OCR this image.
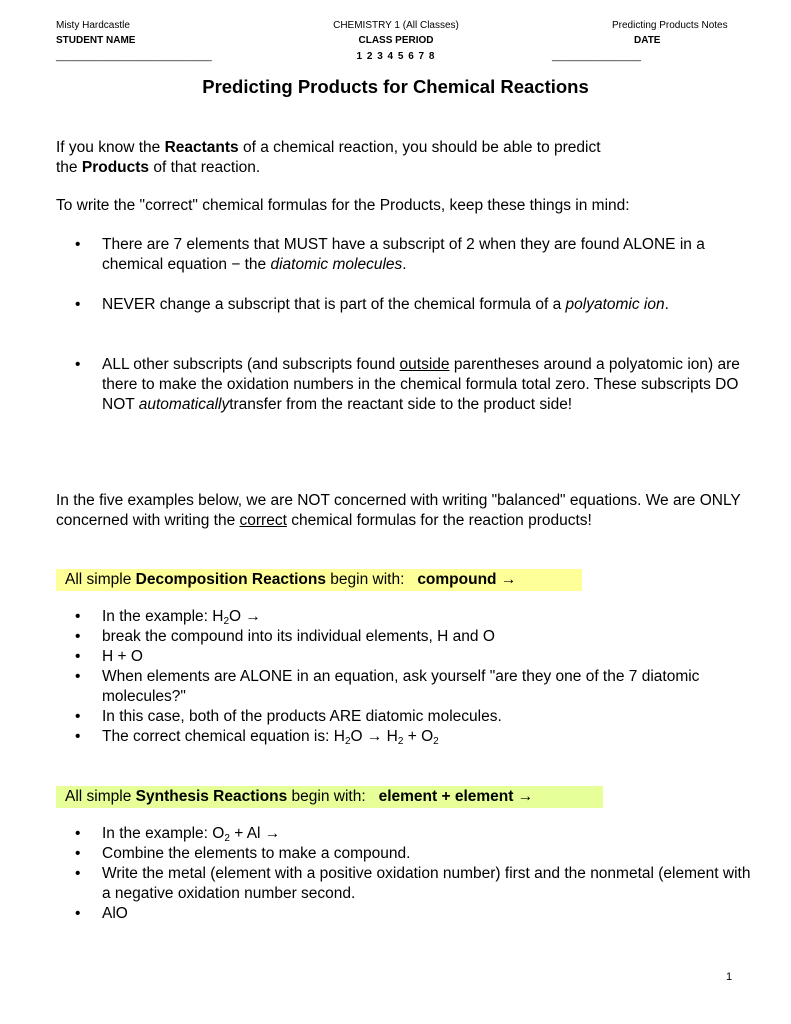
Misty Hardcastle	CHEMISTRY 1 (All Classes)	Predicting Products Notes
STUDENT NAME	CLASS PERIOD	DATE
____________________________	1 2 3 4 5 6 7 8	________________
Predicting Products for Chemical Reactions
If you know the Reactants of a chemical reaction, you should be able to predict
the Products of that reaction.
To write the "correct" chemical formulas for the Products, keep these things in mind:
•	There are 7 elements that MUST have a subscript of 2 when they are found ALONE in a chemical equation − the diatomic molecules.
•	NEVER change a subscript that is part of the chemical formula of a polyatomic ion.
•	ALL other subscripts (and subscripts found outside parentheses around a polyatomic ion) are there to make the oxidation numbers in the chemical formula total zero. These subscripts DO NOT automaticallytransfer from the reactant side to the product side!
In the five examples below, we are NOT concerned with writing "balanced" equations. We are ONLY concerned with writing the correct chemical formulas for the reaction products!
All simple Decomposition Reactions begin with:   compound →
•	In the example: $H_2O$ →
•	break the compound into its individual elements, H and O
•	H + O
•	When elements are ALONE in an equation, ask yourself "are they one of the 7 diatomic molecules?"
•	In this case, both of the products ARE diatomic molecules.
•	The correct chemical equation is: $H_2O \to H_2 + O_2$
All simple Synthesis Reactions begin with:   element + element →
•	In the example: $O_2 + Al$ →
•	Combine the elements to make a compound.
•	Write the metal (element with a positive oxidation number) first and the nonmetal (element with a negative oxidation number second.
•	AlO
1
